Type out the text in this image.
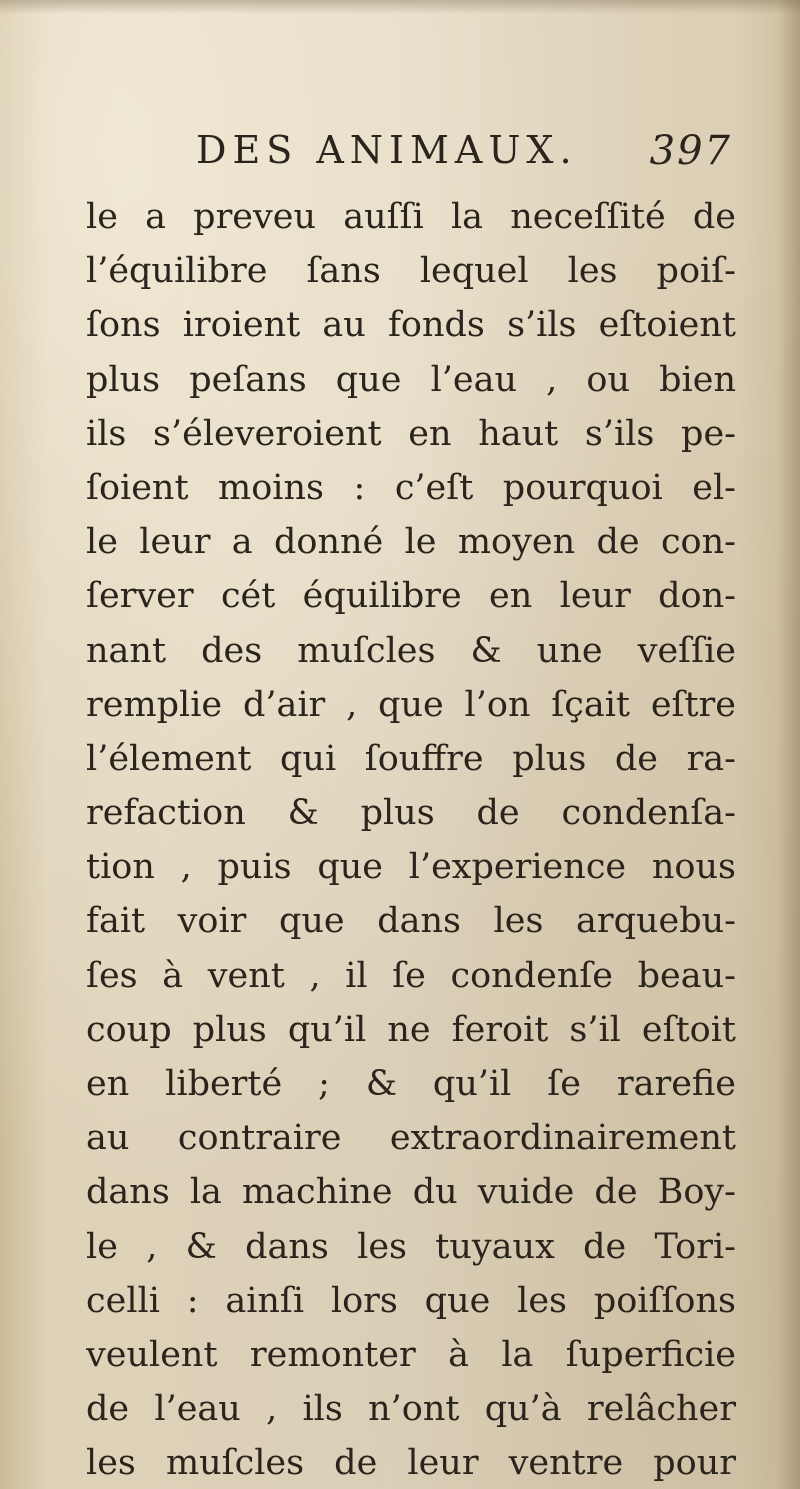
DES ANIMAUX. 397
le a preveu auſſi la neceſſité de
l’équilibre ſans lequel les poiſ-
ſons iroient au fonds s’ils eſtoient
plus peſans que l’eau , ou bien
ils s’éleveroient en haut s’ils pe-
ſoient moins : c’eſt pourquoi el-
le leur a donné le moyen de con-
ſerver cét équilibre en leur don-
nant des muſcles & une veſſie
remplie d’air , que l’on ſçait eſtre
l’élement qui ſouffre plus de ra-
refaction & plus de condenſa-
tion , puis que l’experience nous
fait voir que dans les arquebu-
ſes à vent , il ſe condenſe beau-
coup plus qu’il ne feroit s’il eſtoit
en liberté ; & qu’il ſe rarefie
au contraire extraordinairement
dans la machine du vuide de Boy-
le , & dans les tuyaux de Tori-
celli : ainſi lors que les poiſſons
veulent remonter à la ſuperficie
de l’eau , ils n’ont qu’à relâcher
les muſcles de leur ventre pour
